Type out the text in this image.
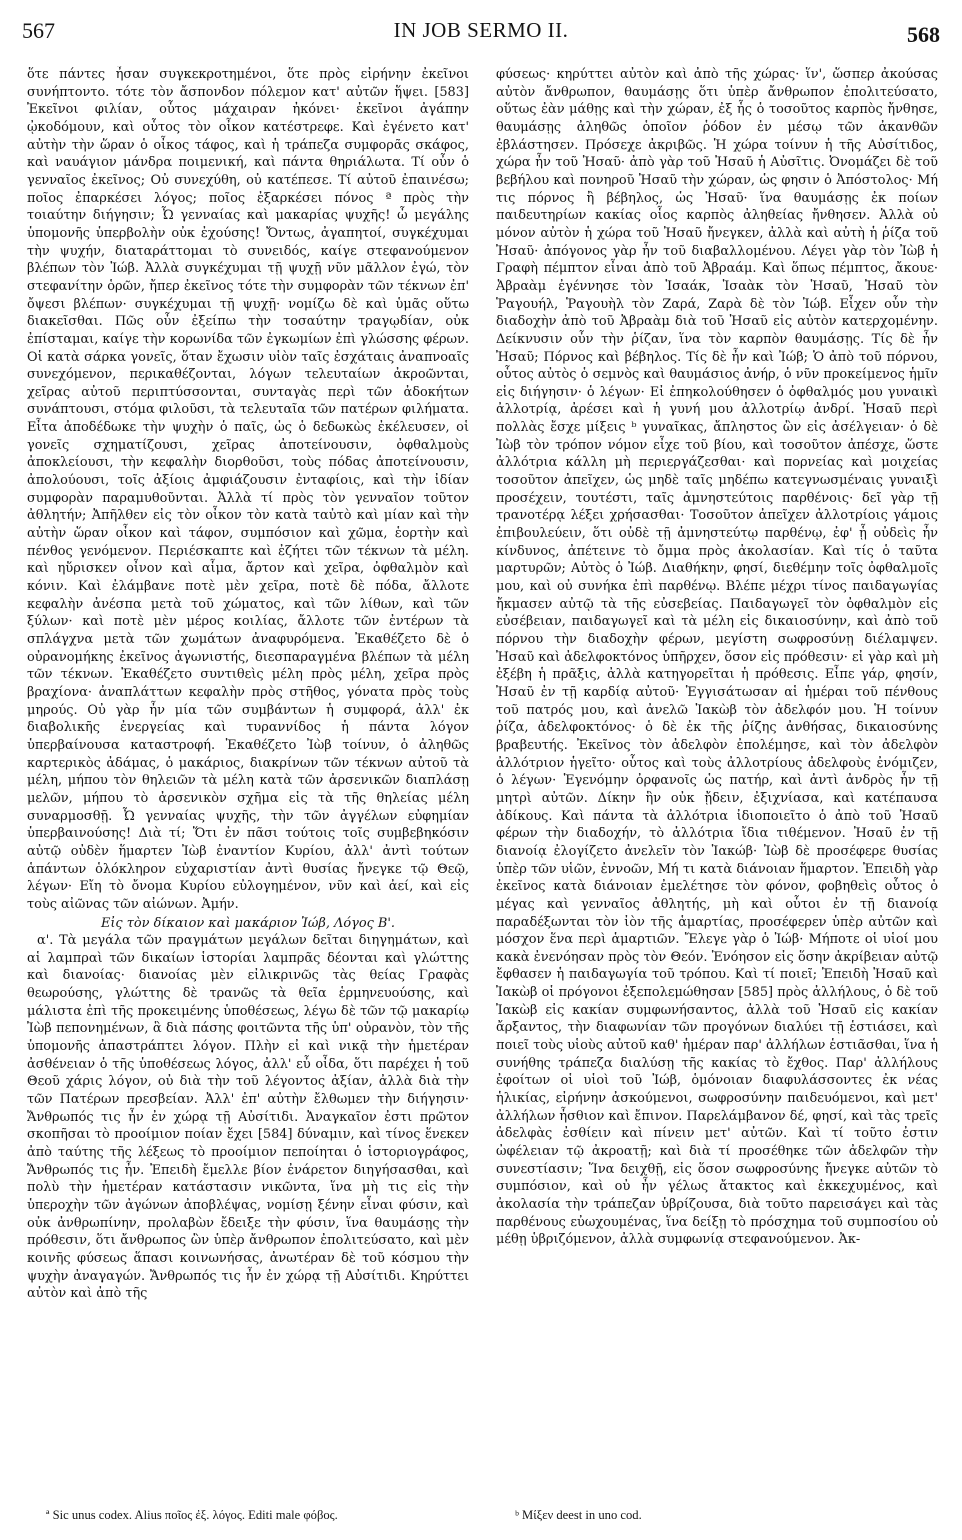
567	IN JOB SERMO II.	568

ὅτε πάντες ἦσαν συγκεκροτημένοι, ὅτε πρὸς εἰρήνην ἐκεῖνοι συνήπτοντο. τότε τὸν ἄσπονδον πόλεμον κατ' αὐτῶν ἥψει. [583] Ἐκεῖνοι φιλίαν, οὗτος μάχαιραν ἠκόνει· ἐκεῖνοι ἀγάπην ᾠκοδόμουν, καὶ οὗτος τὸν οἶκον κατέστρεφε. Καὶ ἐγένετο κατ' αὐτὴν τὴν ὥραν ὁ οἶκος τάφος, καὶ ἡ τράπεζα συμφορᾶς σκάφος, καὶ ναυάγιον μάνδρα ποιμενική, καὶ πάντα θηριάλωτα. Τί οὖν ὁ γενναῖος ἐκεῖνος; Οὐ συνεχύθη, οὐ κατέπεσε. Τί αὐτοῦ ἐπαινέσω; ποῖος ἐπαρκέσει λόγος; ποῖος ἐξαρκέσει πόνος ª πρὸς τὴν τοιαύτην διήγησιν; Ὦ γενναίας καὶ μακαρίας ψυχῆς! ὦ μεγάλης ὑπομονῆς ὑπερβολὴν οὐκ ἐχούσης! Ὄντως, ἀγαπητοί, συγκέχυμαι τὴν ψυχήν, διαταράττομαι τὸ συνειδός, καίγε στεφανούμενον βλέπων τὸν Ἰώβ. Ἀλλὰ συγκέχυμαι τῇ ψυχῇ νῦν μᾶλλον ἐγώ, τὸν στεφανίτην ὁρῶν, ἤπερ ἐκεῖνος τότε τὴν συμφορὰν τῶν τέκνων ἐπ' ὄψεσι βλέπων· συγκέχυμαι τῇ ψυχῇ· νομίζω δὲ καὶ ὑμᾶς οὕτω διακεῖσθαι. Πῶς οὖν ἐξείπω τὴν τοσαύτην τραγῳδίαν, οὐκ ἐπίσταμαι, καίγε τὴν κορωνίδα τῶν ἐγκωμίων ἐπὶ γλώσσης φέρων. Οἱ κατὰ σάρκα γονεῖς, ὅταν ἔχωσιν υἱὸν ταῖς ἐσχάταις ἀναπνοαῖς συνεχόμενον, περικαθέζονται, λόγων τελευταίων ἀκροῶνται, χεῖρας αὐτοῦ περιπτύσσονται, συνταγὰς περὶ τῶν ἀδοκήτων συνάπτουσι, στόμα φιλοῦσι, τὰ τελευταῖα τῶν πατέρων φιλήματα. Εἶτα ἀποδέδωκε τὴν ψυχὴν ὁ παῖς, ὡς ὁ δεδωκὼς ἐκέλευσεν, οἱ γονεῖς σχηματίζουσι, χεῖρας ἀποτείνουσιν, ὀφθαλμοὺς ἀποκλείουσι, τὴν κεφαλὴν διορθοῦσι, τοὺς πόδας ἀποτείνουσιν, ἀπολούουσι, τοῖς ἀξίοις ἀμφιάζουσιν ἐνταφίοις, καὶ τὴν ἰδίαν συμφορὰν παραμυθοῦνται. Ἀλλὰ τί πρὸς τὸν γενναῖον τοῦτον ἀθλητήν; Ἀπῆλθεν εἰς τὸν οἶκον τὸν κατὰ ταὐτὸ καὶ μίαν καὶ τὴν αὐτὴν ὥραν οἶκον καὶ τάφον, συμπόσιον καὶ χῶμα, ἑορτὴν καὶ πένθος γενόμενον. Περιέσκαπτε καὶ ἐζήτει τῶν τέκνων τὰ μέλη. καὶ ηὕρισκεν οἶνον καὶ αἷμα, ἄρτον καὶ χεῖρα, ὀφθαλμὸν καὶ κόνιν. Καὶ ἐλάμβανε ποτὲ μὲν χεῖρα, ποτὲ δὲ πόδα, ἄλλοτε κεφαλὴν ἀνέσπα μετὰ τοῦ χώματος, καὶ τῶν λίθων, καὶ τῶν ξύλων· καὶ ποτὲ μὲν μέρος κοιλίας, ἄλλοτε τῶν ἐντέρων τὰ σπλάγχνα μετὰ τῶν χωμάτων ἀναφυρόμενα. Ἐκαθέζετο δὲ ὁ οὐρανομήκης ἐκεῖνος ἀγωνιστής, διεσπαραγμένα βλέπων τὰ μέλη τῶν τέκνων. Ἐκαθέζετο συντιθεὶς μέλη πρὸς μέλη, χεῖρα πρὸς βραχίονα· ἀναπλάττων κεφαλὴν πρὸς στῆθος, γόνατα πρὸς τοὺς μηρούς. Οὐ γὰρ ἦν μία τῶν συμβάντων ἡ συμφορά, ἀλλ' ἐκ διαβολικῆς ἐνεργείας καὶ τυραννίδος ἡ πάντα λόγον ὑπερβαίνουσα καταστροφή. Ἐκαθέζετο Ἰὼβ τοίνυν, ὁ ἀληθῶς καρτερικὸς ἀδάμας, ὁ μακάριος, διακρίνων τῶν τέκνων αὐτοῦ τὰ μέλη, μήπου τὸν θηλειῶν τὰ μέλη κατὰ τῶν ἀρσενικῶν διαπλάσῃ μελῶν, μήπου τὸ ἀρσενικὸν σχῆμα εἰς τὰ τῆς θηλείας μέλη συναρμοσθῇ. Ὦ γενναίας ψυχῆς, τὴν τῶν ἀγγέλων εὐφημίαν ὑπερβαινούσης! Διὰ τί; Ὅτι ἐν πᾶσι τούτοις τοῖς συμβεβηκόσιν αὐτῷ οὐδὲν ἥμαρτεν Ἰὼβ ἐναντίον Κυρίου, ἀλλ' ἀντὶ τούτων ἁπάντων ὁλόκληρον εὐχαριστίαν ἀντὶ θυσίας ἤνεγκε τῷ Θεῷ, λέγων· Εἴη τὸ ὄνομα Κυρίου εὐλογημένον, νῦν καὶ ἀεί, καὶ εἰς τοὺς αἰῶνας τῶν αἰώνων. Ἀμήν.

Εἰς τὸν δίκαιον καὶ μακάριον Ἰώβ, Λόγος Β'.

α'. Τὰ μεγάλα τῶν πραγμάτων μεγάλων δεῖται διηγημάτων, καὶ αἱ λαμπραὶ τῶν δικαίων ἱστορίαι λαμπρᾶς δέονται καὶ γλώττης καὶ διανοίας· διανοίας μὲν εἰλικρινῶς τὰς θείας Γραφὰς θεωρούσης, γλώττης δὲ τρανῶς τὰ θεῖα ἑρμηνευούσης, καὶ μάλιστα ἐπὶ τῆς προκειμένης ὑποθέσεως, λέγω δὲ τῶν τῷ μακαρίῳ Ἰὼβ πεπονημένων, ἃ διὰ πάσης φοιτῶντα τῆς ὑπ' οὐρανὸν, τὸν τῆς ὑπομονῆς ἀπαστράπτει λόγον. Πλὴν εἰ καὶ νικᾷ τὴν ἡμετέραν ἀσθένειαν ὁ τῆς ὑποθέσεως λόγος, ἀλλ' εὖ οἶδα, ὅτι παρέχει ἡ τοῦ Θεοῦ χάρις λόγον, οὐ διὰ τὴν τοῦ λέγοντος ἀξίαν, ἀλλὰ διὰ τὴν τῶν Πατέρων πρεσβείαν. Ἀλλ' ἐπ' αὐτὴν ἔλθωμεν τὴν διήγησιν· Ἄνθρωπός τις ἦν ἐν χώρᾳ τῇ Αὐσίτιδι. Ἀναγκαῖον ἐστι πρῶτον σκοπῆσαι τὸ προοίμιον ποίαν ἔχει [584] δύναμιν, καὶ τίνος ἕνεκεν ἀπὸ ταύτης τῆς λέξεως τὸ προοίμιον πεποίηται ὁ ἱστοριογράφος, Ἄνθρωπός τις ἦν. Ἐπειδὴ ἔμελλε βίον ἐνάρετον διηγήσασθαι, καὶ πολὺ τὴν ἡμετέραν κατάστασιν νικῶντα, ἵνα μὴ τις εἰς τὴν ὑπεροχὴν τῶν ἀγώνων ἀποβλέψας, νομίσῃ ξένην εἶναι φύσιν, καὶ οὐκ ἀνθρωπίνην, προλαβὼν ἔδειξε τὴν φύσιν, ἵνα θαυμάσῃς τὴν πρόθεσιν, ὅτι ἄνθρωπος ὢν ὑπὲρ ἄνθρωπον ἐπολιτεύσατο, καὶ μὲν κοινῆς φύσεως ἅπασι κοινωνήσας, ἀνωτέραν δὲ τοῦ κόσμου τὴν ψυχὴν ἀναγαγών. Ἄνθρωπός τις ἦν ἐν χώρᾳ τῇ Αὐσίτιδι. Κηρύττει αὐτὸν καὶ ἀπὸ τῆς

φύσεως· κηρύττει αὐτὸν καὶ ἀπὸ τῆς χώρας· ἵν', ὥσπερ ἀκούσας αὐτὸν ἄνθρωπον, θαυμάσῃς ὅτι ὑπὲρ ἄνθρωπον ἐπολιτεύσατο, οὕτως ἐὰν μάθῃς καὶ τὴν χώραν, ἐξ ἧς ὁ τοσοῦτος καρπὸς ἤνθησε, θαυμάσῃς ἀληθῶς ὁποῖον ῥόδον ἐν μέσῳ τῶν ἀκανθῶν ἐβλάστησεν. Πρόσεχε ἀκριβῶς. Ἡ χώρα τοίνυν ἡ τῆς Αὐσίτιδος, χώρα ἦν τοῦ Ἠσαῦ· ἀπὸ γὰρ τοῦ Ἠσαῦ ἡ Αὐσῖτις. Ὀνομάζει δὲ τοῦ βεβήλου καὶ πονηροῦ Ἠσαῦ τὴν χώραν, ὡς φησιν ὁ Ἀπόστολος· Μή τις πόρνος ἢ βέβηλος, ὡς Ἠσαῦ· ἵνα θαυμάσῃς ἐκ ποίων παιδευτηρίων κακίας οἷος καρπὸς ἀληθείας ἤνθησεν. Ἀλλὰ οὐ μόνον αὐτὸν ἡ χώρα τοῦ Ἠσαῦ ἤνεγκεν, ἀλλὰ καὶ αὐτὴ ἡ ῥίζα τοῦ Ἠσαῦ· ἀπόγονος γὰρ ἦν τοῦ διαβαλλομένου. Λέγει γὰρ τὸν Ἰὼβ ἡ Γραφὴ πέμπτον εἶναι ἀπὸ τοῦ Ἀβραάμ. Καὶ ὅπως πέμπτος, ἄκουε· Ἀβραὰμ ἐγέννησε τὸν Ἰσαάκ, Ἰσαὰκ τὸν Ἠσαῦ, Ἠσαῦ τὸν Ῥαγουήλ, Ῥαγουὴλ τὸν Ζαρά, Ζαρὰ δὲ τὸν Ἰώβ. Εἶχεν οὖν τὴν διαδοχὴν ἀπὸ τοῦ Ἀβραὰμ διὰ τοῦ Ἠσαῦ εἰς αὐτὸν κατερχομένην. Δείκνυσιν οὖν τὴν ῥίζαν, ἵνα τὸν καρπὸν θαυμάσῃς. Τίς δὲ ἦν Ἠσαῦ; Πόρνος καὶ βέβηλος. Τίς δὲ ἦν καὶ Ἰώβ; Ὁ ἀπὸ τοῦ πόρνου, οὗτος αὐτὸς ὁ σεμνὸς καὶ θαυμάσιος ἀνήρ, ὁ νῦν προκείμενος ἡμῖν εἰς διήγησιν· ὁ λέγων· Εἰ ἐπηκολούθησεν ὁ ὀφθαλμός μου γυναικὶ ἀλλοτρίᾳ, ἀρέσει καὶ ἡ γυνή μου ἀλλοτρίῳ ἀνδρί. Ἠσαῦ περὶ πολλὰς ἔσχε μίξεις ᵇ γυναῖκας, ἄπληστος ὢν εἰς ἀσέλγειαν· ὁ δὲ Ἰὼβ τὸν τρόπον νόμον εἶχε τοῦ βίου, καὶ τοσοῦτον ἀπέσχε, ὥστε ἀλλότρια κάλλη μὴ περιεργάζεσθαι· καὶ πορνείας καὶ μοιχείας τοσοῦτον ἀπεῖχεν, ὡς μηδὲ ταῖς μηδέπω κατεγνωσμέναις γυναιξὶ προσέχειν, τουτέστι, ταῖς ἀμνηστεύτοις παρθένοις· δεῖ γὰρ τῇ τρανοτέρᾳ λέξει χρήσασθαι· Τοσοῦτον ἀπεῖχεν ἀλλοτρίοις γάμοις ἐπιβουλεύειν, ὅτι οὐδὲ τῇ ἀμνηστεύτῳ παρθένῳ, ἐφ' ᾗ οὐδεὶς ἦν κίνδυνος, ἀπέτεινε τὸ ὄμμα πρὸς ἀκολασίαν. Καὶ τίς ὁ ταῦτα μαρτυρῶν; Αὐτὸς ὁ Ἰώβ. Διαθήκην, φησί, διεθέμην τοῖς ὀφθαλμοῖς μου, καὶ οὐ συνήκα ἐπὶ παρθένῳ. Βλέπε μέχρι τίνος παιδαγωγίας ἤκμασεν αὐτῷ τὰ τῆς εὐσεβείας. Παιδαγωγεῖ τὸν ὀφθαλμὸν εἰς εὐσέβειαν, παιδαγωγεῖ καὶ τὰ μέλη εἰς δικαιοσύνην, καὶ ἀπὸ τοῦ πόρνου τὴν διαδοχὴν φέρων, μεγίστη σωφροσύνῃ διέλαμψεν. Ἠσαῦ καὶ ἀδελφοκτόνος ὑπῆρχεν, ὅσον εἰς πρόθεσιν· εἰ γὰρ καὶ μὴ ἐξέβη ἡ πρᾶξις, ἀλλὰ κατηγορεῖται ἡ πρόθεσις. Εἶπε γάρ, φησίν, Ἠσαῦ ἐν τῇ καρδίᾳ αὐτοῦ· Ἐγγισάτωσαν αἱ ἡμέραι τοῦ πένθους τοῦ πατρός μου, καὶ ἀνελῶ Ἰακὼβ τὸν ἀδελφόν μου. Ἡ τοίνυν ῥίζα, ἀδελφοκτόνος· ὁ δὲ ἐκ τῆς ῥίζης ἀνθήσας, δικαιοσύνης βραβευτής. Ἐκεῖνος τὸν ἀδελφὸν ἐπολέμησε, καὶ τὸν ἀδελφὸν ἀλλότριον ἡγεῖτο· οὗτος καὶ τοὺς ἀλλοτρίους ἀδελφοὺς ἐνόμιζεν, ὁ λέγων· Ἐγενόμην ὀρφανοῖς ὡς πατήρ, καὶ ἀντὶ ἀνδρὸς ἦν τῇ μητρὶ αὐτῶν. Δίκην ἣν οὐκ ᾔδειν, ἐξιχνίασα, καὶ κατέπαυσα ἀδίκους. Καὶ πάντα τὰ ἀλλότρια ἰδιοποιεῖτο ὁ ἀπὸ τοῦ Ἠσαῦ φέρων τὴν διαδοχήν, τὸ ἀλλότρια ἴδια τιθέμενον. Ἠσαῦ ἐν τῇ διανοίᾳ ἐλογίζετο ἀνελεῖν τὸν Ἰακώβ· Ἰὼβ δὲ προσέφερε θυσίας ὑπὲρ τῶν υἱῶν, ἐννοῶν, Μή τι κατὰ διάνοιαν ἥμαρτον. Ἐπειδὴ γὰρ ἐκεῖνος κατὰ διάνοιαν ἐμελέτησε τὸν φόνον, φοβηθεὶς οὗτος ὁ μέγας καὶ γενναῖος ἀθλητής, μὴ καὶ οὗτοι ἐν τῇ διανοίᾳ παραδέξωνται τὸν ἰὸν τῆς ἁμαρτίας, προσέφερεν ὑπὲρ αὐτῶν καὶ μόσχον ἕνα περὶ ἁμαρτιῶν. Ἔλεγε γὰρ ὁ Ἰώβ· Μήποτε οἱ υἱοί μου κακὰ ἐνενόησαν πρὸς τὸν Θεόν. Ἐνόησον εἰς ὅσην ἀκρίβειαν αὐτῷ ἔφθασεν ἡ παιδαγωγία τοῦ τρόπου. Καὶ τί ποιεῖ; Ἐπειδὴ Ἠσαῦ καὶ Ἰακὼβ οἱ πρόγονοι ἐξεπολεμώθησαν [585] πρὸς ἀλλήλους, ὁ δὲ τοῦ Ἰακὼβ εἰς κακίαν συμφωνήσαντος, ἀλλὰ τοῦ Ἠσαῦ εἰς κακίαν ἄρξαντος, τὴν διαφωνίαν τῶν προγόνων διαλύει τῇ ἑστιάσει, καὶ ποιεῖ τοὺς υἱοὺς αὐτοῦ καθ' ἡμέραν παρ' ἀλλήλων ἑστιᾶσθαι, ἵνα ἡ συνήθης τράπεζα διαλύσῃ τῆς κακίας τὸ ἔχθος. Παρ' ἀλλήλους ἐφοίτων οἱ υἱοὶ τοῦ Ἰώβ, ὁμόνοιαν διαφυλάσσοντες ἐκ νέας ἡλικίας, εἰρήνην ἀσκούμενοι, σωφροσύνην παιδευόμενοι, καὶ μετ' ἀλλήλων ἦσθιον καὶ ἔπινον. Παρελάμβανον δέ, φησί, καὶ τὰς τρεῖς ἀδελφὰς ἐσθίειν καὶ πίνειν μετ' αὐτῶν. Καὶ τί τοῦτο ἐστιν ὠφέλειαν τῷ ἀκροατῇ; καὶ διὰ τί προσέθηκε τῶν ἀδελφῶν τὴν συνεστίασιν; Ἵνα δειχθῇ, εἰς ὅσον σωφροσύνης ἤνεγκε αὐτῶν τὸ συμπόσιον, καὶ οὐ ἦν γέλως ἄτακτος καὶ ἐκκεχυμένος, καὶ ἀκολασία τὴν τράπεζαν ὑβρίζουσα, διὰ τοῦτο παρεισάγει καὶ τὰς παρθένους εὐωχουμένας, ἵνα δείξῃ τὸ πρόσχημα τοῦ συμποσίου οὐ μέθῃ ὑβριζόμενον, ἀλλὰ συμφωνίᾳ στεφανούμενον. Ἀκ-

ª Sic unus codex. Alius ποῖος ἐξ. λόγος. Editi male φόβος.	ᵇ Μίξεν deest in uno cod.
